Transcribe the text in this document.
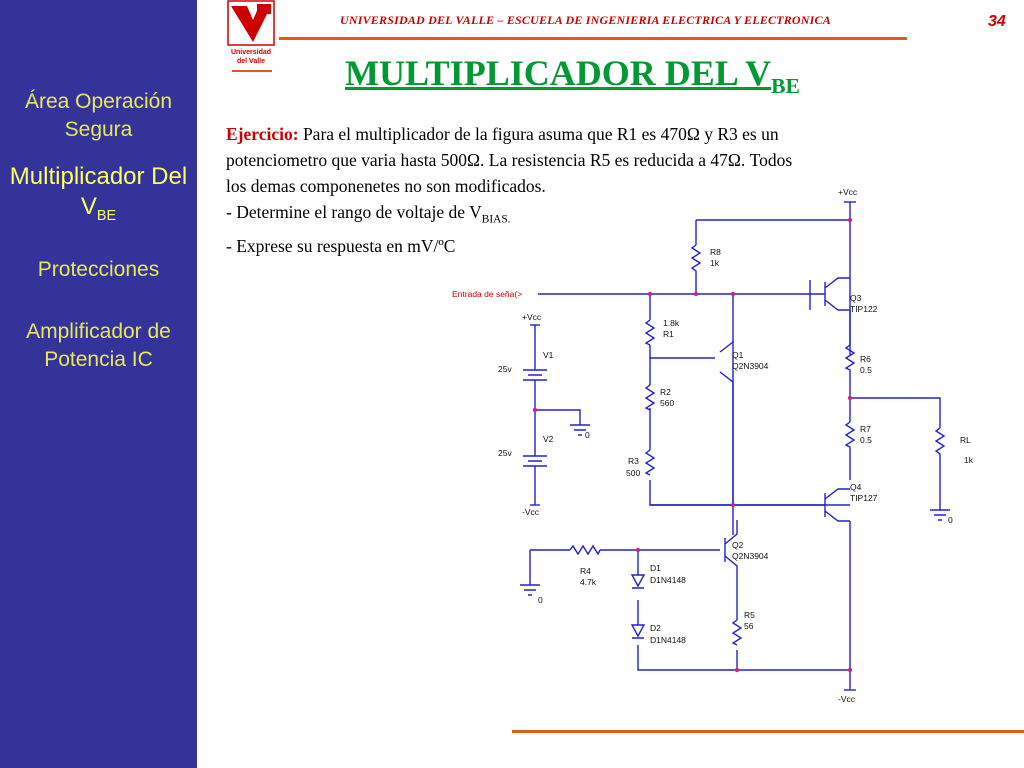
Área Operación Segura
Multiplicador Del $V_{BE}$
Protecciones
Amplificador de Potencia IC
Universidad
del Valle
UNIVERSIDAD DEL VALLE – ESCUELA DE INGENIERIA ELECTRICA Y ELECTRONICA	34
MULTIPLICADOR DEL $V_{BE}$
Ejercicio: Para el multiplicador de la figura asuma que R1 es 470Ω y R3 es un
potenciometro que varia hasta 500Ω. La resistencia R5 es reducida a 47Ω. Todos
los demas componenetes no son modificados.
- Determine el rango de voltaje de $V_{BIAS.}$
- Exprese su respuesta en mV/ºC
Entrada de seña(>
+Vcc
+Vcc
-Vcc
-Vcc
V1
25v
V2
25v
0
0
0
R8
1k
1.8k
R1
R2
560
R3
500
Q1
Q2N3904
Q3
TIP122
R6
0.5
R7
0.5	RL
1k
Q4
TIP127
Q2
Q2N3904
R4
4.7k
D1
D1N4148
D2
D1N4148
R5
56
